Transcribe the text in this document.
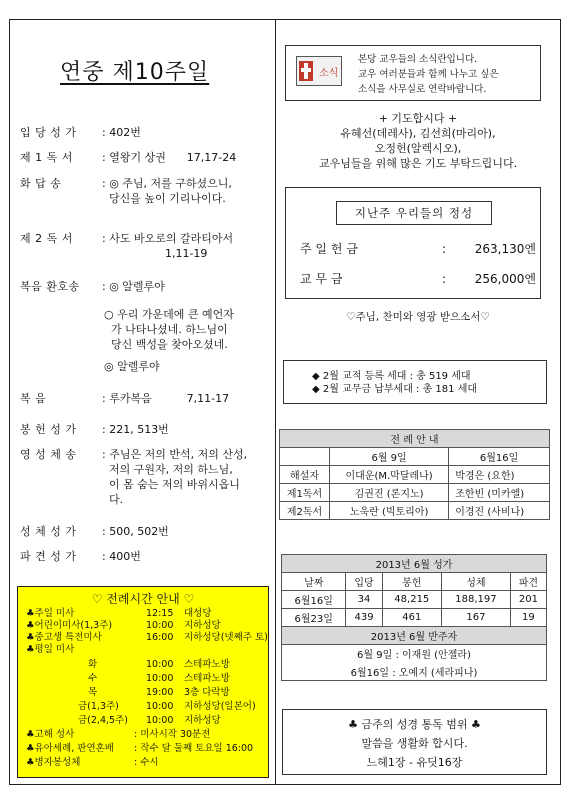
연중 제10주일
입 당 성 가	: 402번
제 1 독 서	: 열왕기 상권      17,17-24
화 답 송	: ◎ 주님, 저를 구하셨으니,
당신을 높이 기리나이다.
제 2 독 서	: 사도 바오로의 갈라티아서
1,11-19
복음 환호송	: ◎ 알렐루야
○ 우리 가운데에 큰 예언자
가 나타나셨네. 하느님이
당신 백성을 찾아오셨네.
◎ 알렐루야
복 음	: 루카복음          7,11-17
봉 헌 성 가	: 221, 513번
영 성 체 송	: 주님은 저의 반석, 저의 산성,
저의 구원자, 저의 하느님,
이 몸 숨는 저의 바위시옵니
다.
성 체 성 가	: 500, 502번
파 견 성 가	: 400번
♡ 전례시간 안내 ♡
♣주일 미사	12:15 대성당
♣어린이미사(1,3주)	10:00 지하성당
♣중고생 특전미사	16:00 지하성당(넷째주 토)
♣평일 미사
화	10:00 스테파노방
수	10:00 스테파노방
목	19:00 3층 다락방
금(1,3주)	10:00 지하성당(일본어)
금(2,4,5주) 10:00 지하성당
♣고해 성사	: 미사시작 30분전
♣유아세례, 판연혼배 : 작수 달 둘째 토요일 16:00
♣병자봉성체	: 수시
소식
본당 교우들의 소식란입니다.
교우 여러분들과 함께 나누고 싶은
소식을 사무실로 연락바랍니다.
+ 기도합시다 +
유혜선(데레사), 김선희(마리아),
오정헌(알렉시오),
교우님들을 위해 많은 기도 부탁드립니다.
지난주 우리들의 정성
주 일 헌 금	: 263,130엔
교 무 금	: 256,000엔
♡주님, 찬미와 영광 받으소서♡
◆ 2월 교적 등록 세대 : 총 519 세대
◆ 2월 교무금 납부세대 : 총 181 세대
전 례 안 내		
	6월 9일	6월16일
해설자	이대운(M.막달레나)	박경은 (요한)
제1독서	김권진 (론지노)	조한빈 (미카엘)
제2독서	노욱란 (빅토리아)	이경진 (사비나)
2013년 6월 성가				
날짜	입당	봉헌	성체	파견
6월16일	34	48,215	188,197	201
6월23일	439	461	167	19
2013년 6월 반주자				
6월 9일 : 이재원 (안젤라)				
6월16일 : 오예지 (세라피나)				
♣ 금주의 성경 통독 범위 ♣
말씀을 생활화 합시다.
느헤1장 - 유딧16장
